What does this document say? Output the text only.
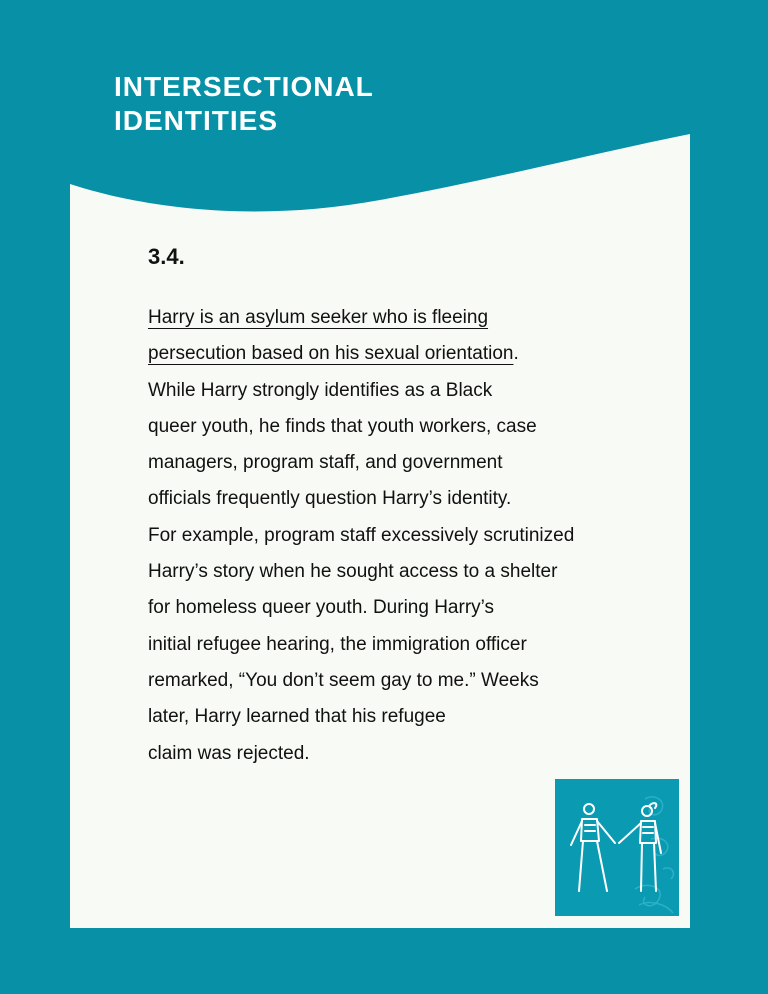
INTERSECTIONAL
IDENTITIES

3.4.

Harry is an asylum seeker who is fleeing
persecution based on his sexual orientation.
While Harry strongly identifies as a Black
queer youth, he finds that youth workers, case
managers, program staff, and government
officials frequently question Harry’s identity.
For example, program staff excessively scrutinized
Harry’s story when he sought access to a shelter
for homeless queer youth. During Harry’s
initial refugee hearing, the immigration officer
remarked, “You don’t seem gay to me.” Weeks
later, Harry learned that his refugee
claim was rejected.
